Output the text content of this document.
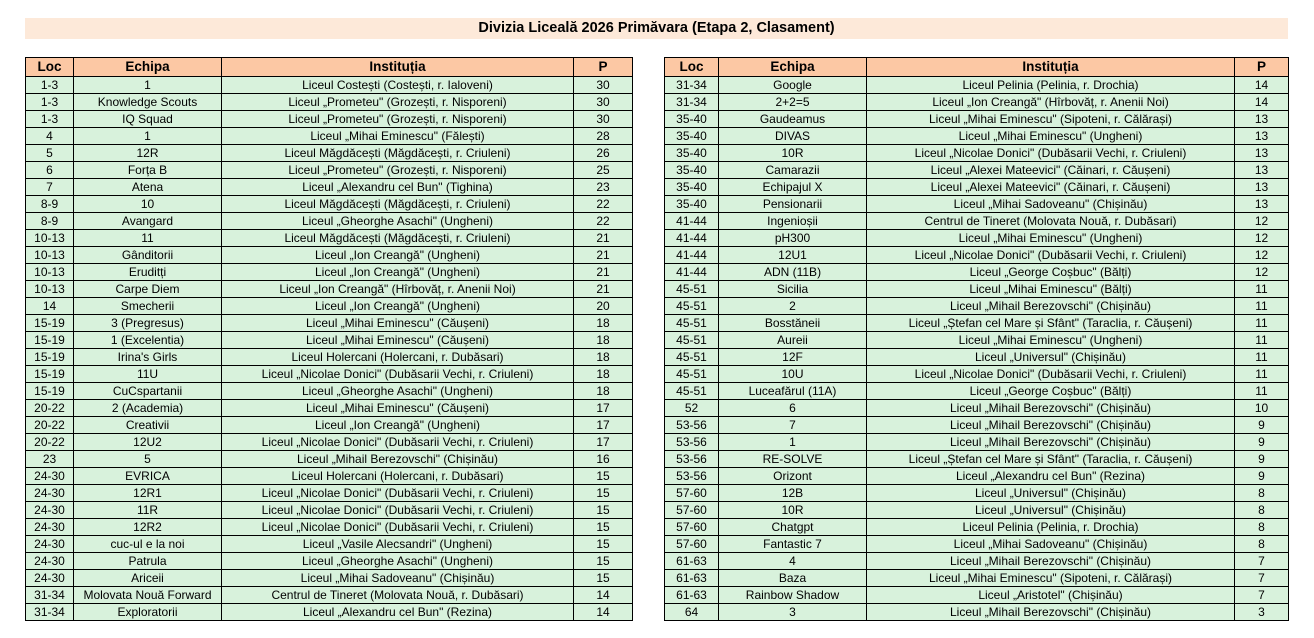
Divizia Liceală 2026 Primăvara (Etapa 2, Clasament)
Loc	Echipa	Instituția	P
1-3	1	Liceul Costești (Costești, r. Ialoveni)	30
1-3	Knowledge Scouts	Liceul „Prometeu" (Grozești, r. Nisporeni)	30
1-3	IQ Squad	Liceul „Prometeu" (Grozești, r. Nisporeni)	30
4	1	Liceul „Mihai Eminescu" (Fălești)	28
5	12R	Liceul Măgdăcești (Măgdăcești, r. Criuleni)	26
6	Forța B	Liceul „Prometeu" (Grozești, r. Nisporeni)	25
7	Atena	Liceul „Alexandru cel Bun" (Tighina)	23
8-9	10	Liceul Măgdăcești (Măgdăcești, r. Criuleni)	22
8-9	Avangard	Liceul „Gheorghe Asachi" (Ungheni)	22
10-13	11	Liceul Măgdăcești (Măgdăcești, r. Criuleni)	21
10-13	Gânditorii	Liceul „Ion Creangă" (Ungheni)	21
10-13	Eruditți	Liceul „Ion Creangă" (Ungheni)	21
10-13	Carpe Diem	Liceul „Ion Creangă" (Hîrbovăț, r. Anenii Noi)	21
14	Smecherii	Liceul „Ion Creangă" (Ungheni)	20
15-19	3 (Pregresus)	Liceul „Mihai Eminescu" (Căușeni)	18
15-19	1 (Excelentia)	Liceul „Mihai Eminescu" (Căușeni)	18
15-19	Irina's Girls	Liceul Holercani (Holercani, r. Dubăsari)	18
15-19	11U	Liceul „Nicolae Donici" (Dubăsarii Vechi, r. Criuleni)	18
15-19	CuCspartanii	Liceul „Gheorghe Asachi" (Ungheni)	18
20-22	2 (Academia)	Liceul „Mihai Eminescu" (Căușeni)	17
20-22	Creativii	Liceul „Ion Creangă" (Ungheni)	17
20-22	12U2	Liceul „Nicolae Donici" (Dubăsarii Vechi, r. Criuleni)	17
23	5	Liceul „Mihail Berezovschi" (Chișinău)	16
24-30	EVRICA	Liceul Holercani (Holercani, r. Dubăsari)	15
24-30	12R1	Liceul „Nicolae Donici" (Dubăsarii Vechi, r. Criuleni)	15
24-30	11R	Liceul „Nicolae Donici" (Dubăsarii Vechi, r. Criuleni)	15
24-30	12R2	Liceul „Nicolae Donici" (Dubăsarii Vechi, r. Criuleni)	15
24-30	cuc-ul e la noi	Liceul „Vasile Alecsandri" (Ungheni)	15
24-30	Patrula	Liceul „Gheorghe Asachi" (Ungheni)	15
24-30	Ariceii	Liceul „Mihai Sadoveanu" (Chișinău)	15
31-34	Molovata Nouă Forward	Centrul de Tineret (Molovata Nouă, r. Dubăsari)	14
31-34	Exploratorii	Liceul „Alexandru cel Bun" (Rezina)	14
Loc	Echipa	Instituția	P
31-34	Google	Liceul Pelinia (Pelinia, r. Drochia)	14
31-34	2+2=5	Liceul „Ion Creangă" (Hîrbovăț, r. Anenii Noi)	14
35-40	Gaudeamus	Liceul „Mihai Eminescu" (Sipoteni, r. Călărași)	13
35-40	DIVAS	Liceul „Mihai Eminescu" (Ungheni)	13
35-40	10R	Liceul „Nicolae Donici" (Dubăsarii Vechi, r. Criuleni)	13
35-40	Camarazii	Liceul „Alexei Mateevici" (Căinari, r. Căușeni)	13
35-40	Echipajul X	Liceul „Alexei Mateevici" (Căinari, r. Căușeni)	13
35-40	Pensionarii	Liceul „Mihai Sadoveanu" (Chișinău)	13
41-44	Ingenioșii	Centrul de Tineret (Molovata Nouă, r. Dubăsari)	12
41-44	pH300	Liceul „Mihai Eminescu" (Ungheni)	12
41-44	12U1	Liceul „Nicolae Donici" (Dubăsarii Vechi, r. Criuleni)	12
41-44	ADN (11B)	Liceul „George Coșbuc" (Bălți)	12
45-51	Sicilia	Liceul „Mihai Eminescu" (Bălți)	11
45-51	2	Liceul „Mihail Berezovschi" (Chișinău)	11
45-51	Bosstăneii	Liceul „Ștefan cel Mare și Sfânt" (Taraclia, r. Căușeni)	11
45-51	Aureii	Liceul „Mihai Eminescu" (Ungheni)	11
45-51	12F	Liceul „Universul" (Chișinău)	11
45-51	10U	Liceul „Nicolae Donici" (Dubăsarii Vechi, r. Criuleni)	11
45-51	Luceafărul (11A)	Liceul „George Coșbuc" (Bălți)	11
52	6	Liceul „Mihail Berezovschi" (Chișinău)	10
53-56	7	Liceul „Mihail Berezovschi" (Chișinău)	9
53-56	1	Liceul „Mihail Berezovschi" (Chișinău)	9
53-56	RE-SOLVE	Liceul „Ștefan cel Mare și Sfânt" (Taraclia, r. Căușeni)	9
53-56	Orizont	Liceul „Alexandru cel Bun" (Rezina)	9
57-60	12B	Liceul „Universul" (Chișinău)	8
57-60	10R	Liceul „Universul" (Chișinău)	8
57-60	Chatgpt	Liceul Pelinia (Pelinia, r. Drochia)	8
57-60	Fantastic 7	Liceul „Mihai Sadoveanu" (Chișinău)	8
61-63	4	Liceul „Mihail Berezovschi" (Chișinău)	7
61-63	Baza	Liceul „Mihai Eminescu" (Sipoteni, r. Călărași)	7
61-63	Rainbow Shadow	Liceul „Aristotel" (Chișinău)	7
64	3	Liceul „Mihail Berezovschi" (Chișinău)	3
